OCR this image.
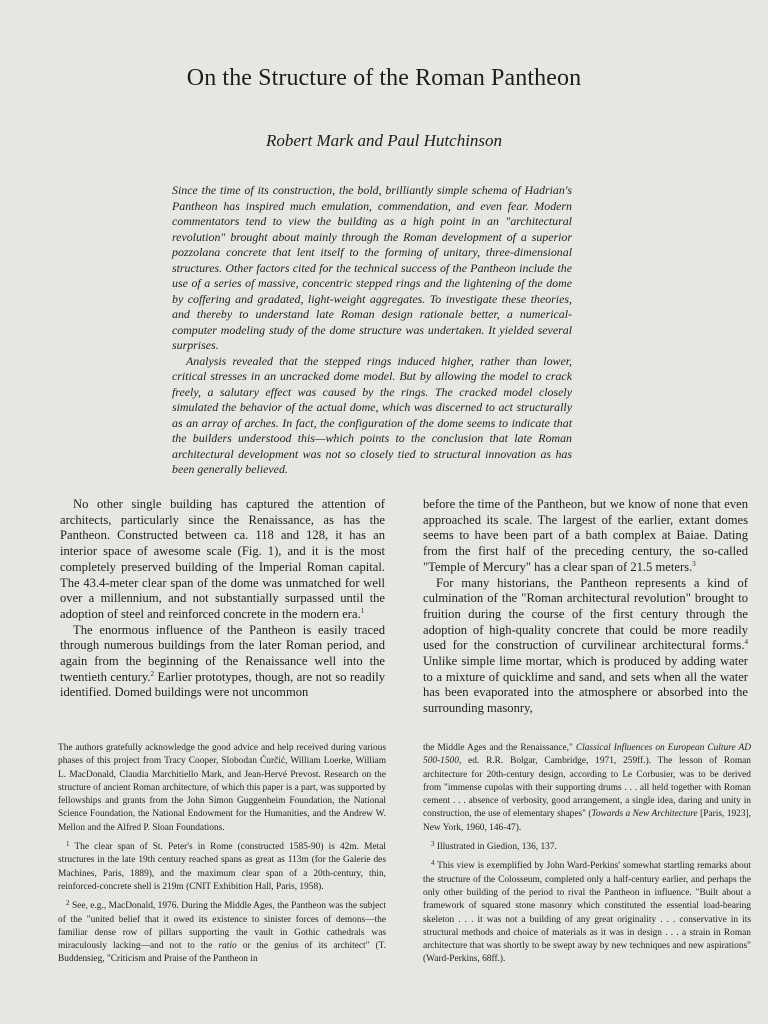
On the Structure of the Roman Pantheon
Robert Mark and Paul Hutchinson

Since the time of its construction, the bold, brilliantly simple schema of Hadrian's Pantheon has inspired much emulation, commendation, and even fear. Modern commentators tend to view the building as a high point in an "architectural revolution" brought about mainly through the Roman development of a superior pozzolana concrete that lent itself to the forming of unitary, three-dimensional structures. Other factors cited for the technical success of the Pantheon include the use of a series of massive, concentric stepped rings and the lightening of the dome by coffering and gradated, light-weight aggregates. To investigate these theories, and thereby to understand late Roman design rationale better, a numerical-computer modeling study of the dome structure was undertaken. It yielded several surprises.

Analysis revealed that the stepped rings induced higher, rather than lower, critical stresses in an uncracked dome model. But by allowing the model to crack freely, a salutary effect was caused by the rings. The cracked model closely simulated the behavior of the actual dome, which was discerned to act structurally as an array of arches. In fact, the configuration of the dome seems to indicate that the builders understood this—which points to the conclusion that late Roman architectural development was not so closely tied to structural innovation as has been generally believed.

No other single building has captured the attention of architects, particularly since the Renaissance, as has the Pantheon. Constructed between ca. 118 and 128, it has an interior space of awesome scale (Fig. 1), and it is the most completely preserved building of the Imperial Roman capital. The 43.4-meter clear span of the dome was unmatched for well over a millennium, and not substantially surpassed until the adoption of steel and reinforced concrete in the modern era.$^1$

The enormous influence of the Pantheon is easily traced through numerous buildings from the later Roman period, and again from the beginning of the Renaissance well into the twentieth century.$^2$ Earlier prototypes, though, are not so readily identified. Domed buildings were not uncommon

before the time of the Pantheon, but we know of none that even approached its scale. The largest of the earlier, extant domes seems to have been part of a bath complex at Baiae. Dating from the first half of the preceding century, the so-called "Temple of Mercury" has a clear span of 21.5 meters.$^3$

For many historians, the Pantheon represents a kind of culmination of the "Roman architectural revolution" brought to fruition during the course of the first century through the adoption of high-quality concrete that could be more readily used for the construction of curvilinear architectural forms.$^4$ Unlike simple lime mortar, which is produced by adding water to a mixture of quicklime and sand, and sets when all the water has been evaporated into the atmosphere or absorbed into the surrounding masonry,

The authors gratefully acknowledge the good advice and help received during various phases of this project from Tracy Cooper, Slobodan Ćurčić, William Loerke, William L. MacDonald, Claudia Marchitiello Mark, and Jean-Hervé Prevost. Research on the structure of ancient Roman architecture, of which this paper is a part, was supported by fellowships and grants from the John Simon Guggenheim Foundation, the National Science Foundation, the National Endowment for the Humanities, and the Andrew W. Mellon and the Alfred P. Sloan Foundations.

$^1$ The clear span of St. Peter's in Rome (constructed 1585-90) is 42m. Metal structures in the late 19th century reached spans as great as 113m (for the Galerie des Machines, Paris, 1889), and the maximum clear span of a 20th-century, thin, reinforced-concrete shell is 219m (CNIT Exhibition Hall, Paris, 1958).

$^2$ See, e.g., MacDonald, 1976. During the Middle Ages, the Pantheon was the subject of the "united belief that it owed its existence to sinister forces of demons—the familiar dense row of pillars supporting the vault in Gothic cathedrals was miraculously lacking—and not to the ratio or the genius of its architect" (T. Buddensieg, "Criticism and Praise of the Pantheon in

the Middle Ages and the Renaissance," Classical Influences on European Culture AD 500-1500, ed. R.R. Bolgar, Cambridge, 1971, 259ff.). The lesson of Roman architecture for 20th-century design, according to Le Corbusier, was to be derived from "immense cupolas with their supporting drums . . . all held together with Roman cement . . . absence of verbosity, good arrangement, a single idea, daring and unity in construction, the use of elementary shapes" (Towards a New Architecture [Paris, 1923], New York, 1960, 146-47).

$^3$ Illustrated in Giedion, 136, 137.

$^4$ This view is exemplified by John Ward-Perkins' somewhat startling remarks about the structure of the Colosseum, completed only a half-century earlier, and perhaps the only other building of the period to rival the Pantheon in influence. "Built about a framework of squared stone masonry which constituted the essential load-bearing skeleton . . . it was not a building of any great originality . . . conservative in its structural methods and choice of materials as it was in design . . . a strain in Roman architecture that was shortly to be swept away by new techniques and new aspirations" (Ward-Perkins, 68ff.).
